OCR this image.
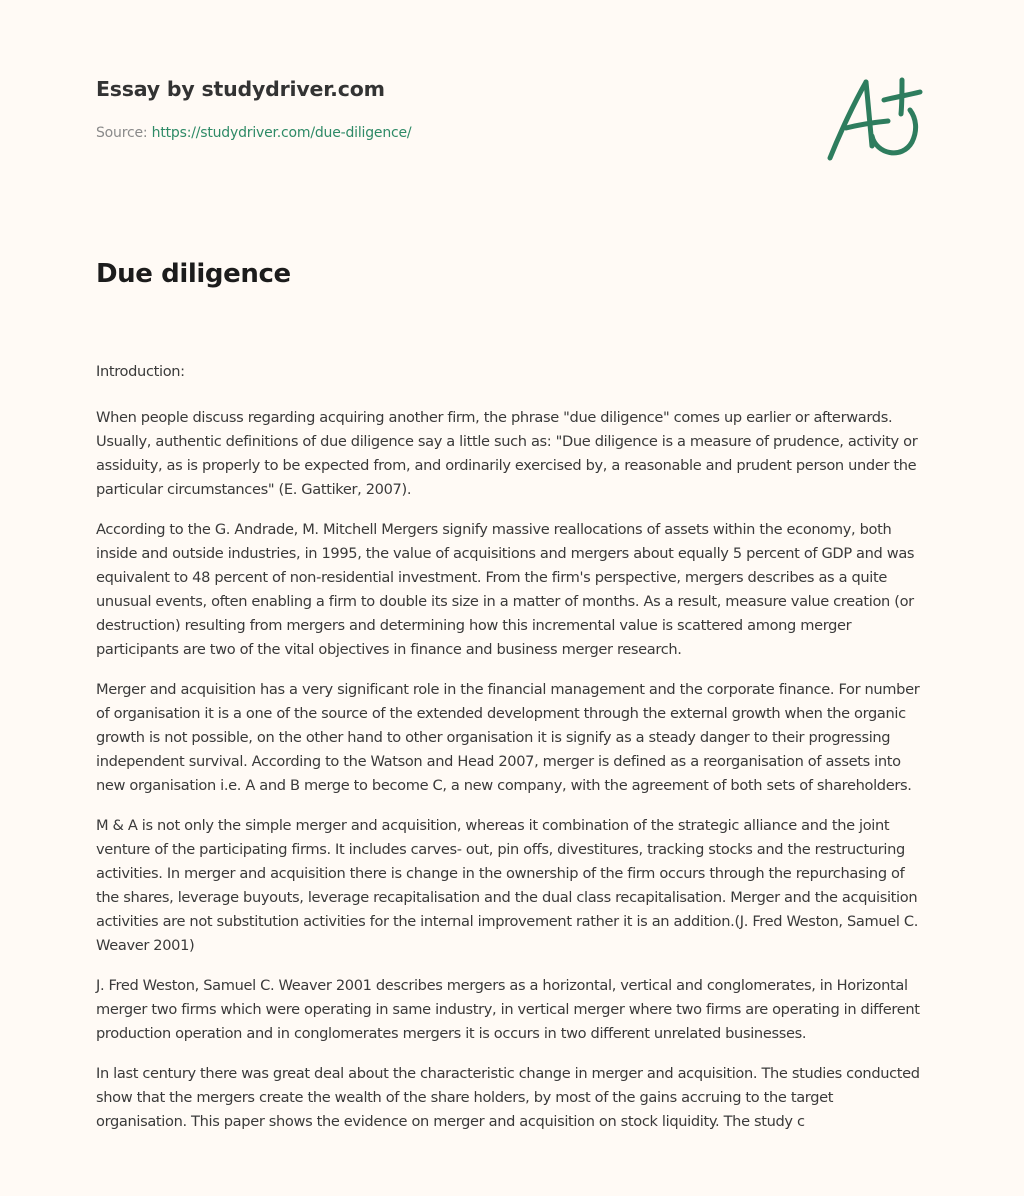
Essay by studydriver.com
Source: https://studydriver.com/due-diligence/
Due diligence

Introduction:

When people discuss regarding acquiring another firm, the phrase "due diligence" comes up earlier or afterwards. Usually, authentic definitions of due diligence say a little such as: "Due diligence is a measure of prudence, activity or assiduity, as is properly to be expected from, and ordinarily exercised by, a reasonable and prudent person under the particular circumstances" (E. Gattiker, 2007).

According to the G. Andrade, M. Mitchell Mergers signify massive reallocations of assets within the economy, both inside and outside industries, in 1995, the value of acquisitions and mergers about equally 5 percent of GDP and was equivalent to 48 percent of non-residential investment. From the firm's perspective, mergers describes as a quite unusual events, often enabling a firm to double its size in a matter of months. As a result, measure value creation (or destruction) resulting from mergers and determining how this incremental value is scattered among merger participants are two of the vital objectives in finance and business merger research.

Merger and acquisition has a very significant role in the financial management and the corporate finance. For number of organisation it is a one of the source of the extended development through the external growth when the organic growth is not possible, on the other hand to other organisation it is signify as a steady danger to their progressing independent survival. According to the Watson and Head 2007, merger is defined as a reorganisation of assets into new organisation i.e. A and B merge to become C, a new company, with the agreement of both sets of shareholders.

M & A is not only the simple merger and acquisition, whereas it combination of the strategic alliance and the joint venture of the participating firms. It includes carves- out, pin offs, divestitures, tracking stocks and the restructuring activities. In merger and acquisition there is change in the ownership of the firm occurs through the repurchasing of the shares, leverage buyouts, leverage recapitalisation and the dual class recapitalisation. Merger and the acquisition activities are not substitution activities for the internal improvement rather it is an addition.(J. Fred Weston, Samuel C. Weaver 2001)

J. Fred Weston, Samuel C. Weaver 2001 describes mergers as a horizontal, vertical and conglomerates, in Horizontal merger two firms which were operating in same industry, in vertical merger where two firms are operating in different production operation and in conglomerates mergers it is occurs in two different unrelated businesses.

In last century there was great deal about the characteristic change in merger and acquisition. The studies conducted show that the mergers create the wealth of the share holders, by most of the gains accruing to the target organisation. This paper shows the evidence on merger and acquisition on stock liquidity. The study c
